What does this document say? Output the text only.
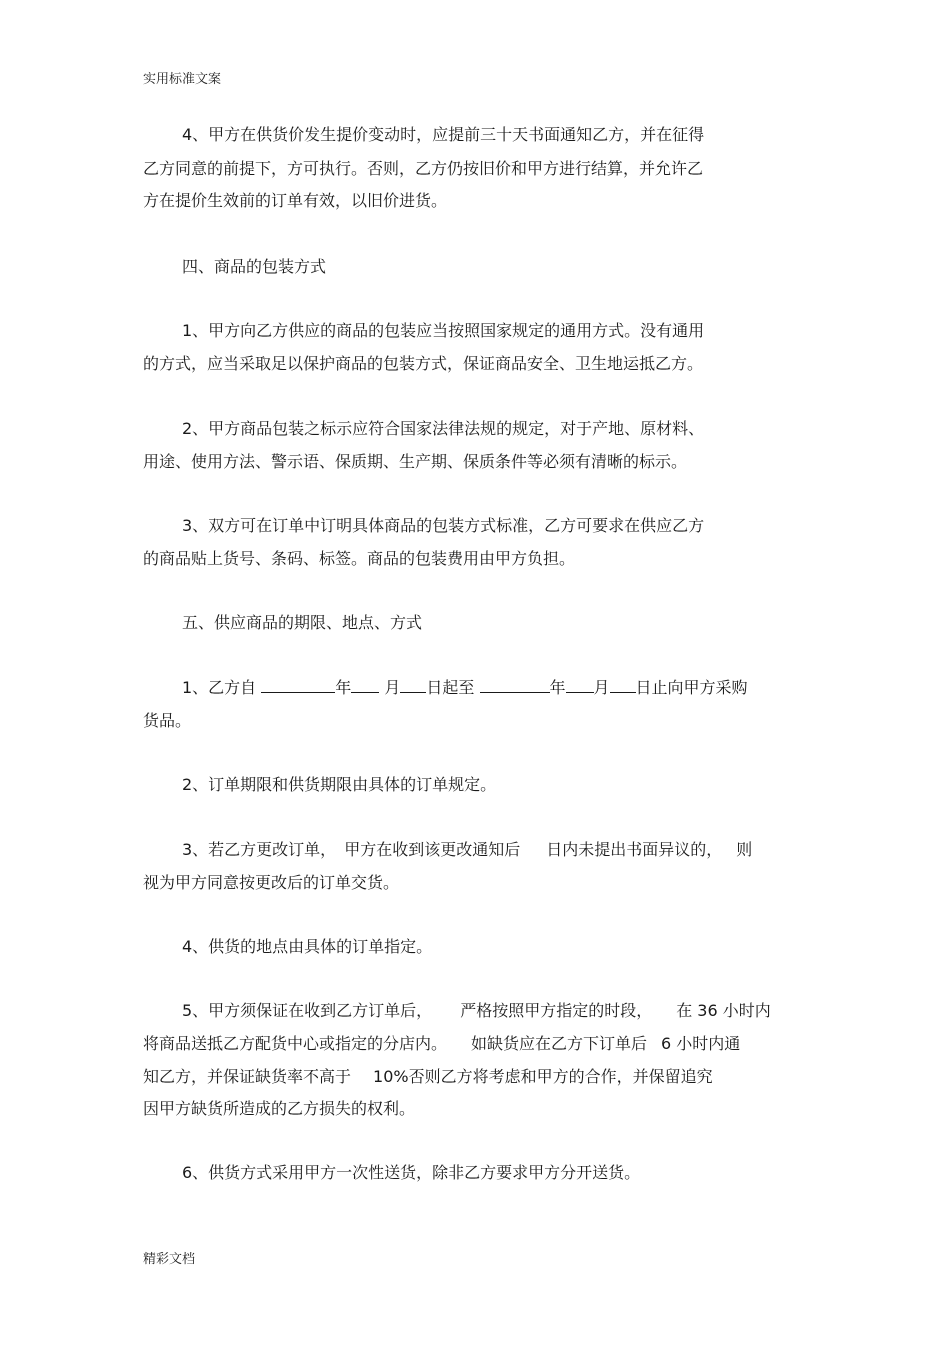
实用标准文案
4、甲方在供货价发生提价变动时，应提前三十天书面通知乙方，并在征得
乙方同意的前提下，方可执行。否则，乙方仍按旧价和甲方进行结算，并允许乙
方在提价生效前的订单有效，以旧价进货。
四、商品的包装方式
1、甲方向乙方供应的商品的包装应当按照国家规定的通用方式。没有通用
的方式，应当采取足以保护商品的包装方式，保证商品安全、卫生地运抵乙方。
2、甲方商品包装之标示应符合国家法律法规的规定，对于产地、原材料、
用途、使用方法、警示语、保质期、生产期、保质条件等必须有清晰的标示。
3、双方可在订单中订明具体商品的包装方式标准，乙方可要求在供应乙方
的商品贴上货号、条码、标签。商品的包装费用由甲方负担。
五、供应商品的期限、地点、方式
1、乙方自	年 月 日起至	年 月 日止向甲方采购
货品。
2、订单期限和供货期限由具体的订单规定。
3、若乙方更改订单， 甲方在收到该更改通知后 日内未提出书面异议的， 则
视为甲方同意按更改后的订单交货。
4、供货的地点由具体的订单指定。
5、甲方须保证在收到乙方订单后， 严格按照甲方指定的时段， 在 36 小时内
将商品送抵乙方配货中心或指定的分店内。 如缺货应在乙方下订单后 6 小时内通
知乙方，并保证缺货率不高于 10%否则乙方将考虑和甲方的合作，并保留追究
因甲方缺货所造成的乙方损失的权利。
6、供货方式采用甲方一次性送货，除非乙方要求甲方分开送货。
精彩文档
